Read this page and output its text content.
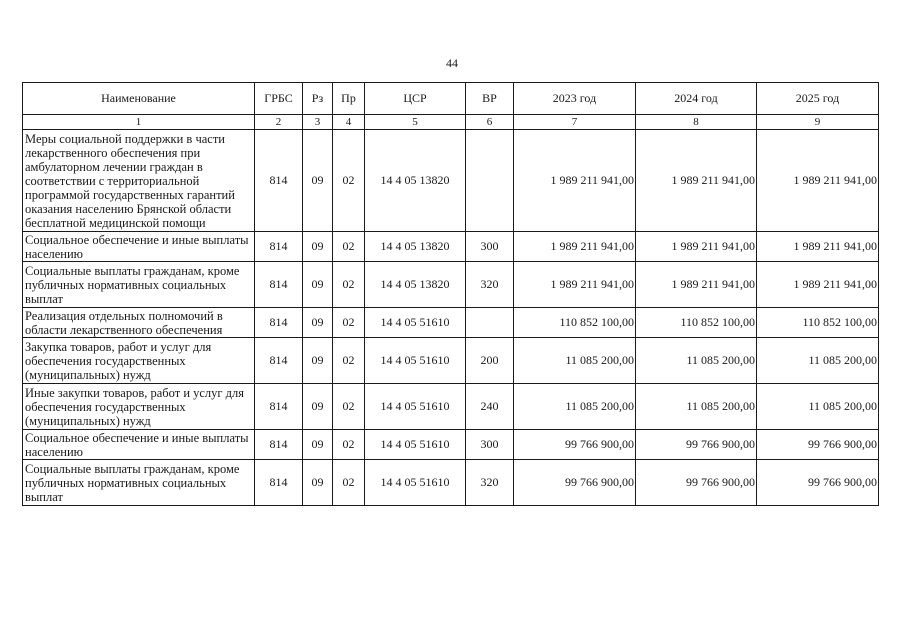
44
Наименование	ГРБС	Рз	Пр	ЦСР	ВР	2023 год	2024 год	2025 год
1	2	3	4	5	6	7	8	9
Меры социальной поддержки в части лекарственного обеспечения при амбулаторном лечении граждан в соответствии с территориальной программой государственных гарантий оказания населению Брянской области бесплатной медицинской помощи	814	09	02	14 4 05 13820		1 989 211 941,00	1 989 211 941,00	1 989 211 941,00
Социальное обеспечение и иные выплаты населению	814	09	02	14 4 05 13820	300	1 989 211 941,00	1 989 211 941,00	1 989 211 941,00
Социальные выплаты гражданам, кроме публичных нормативных социальных выплат	814	09	02	14 4 05 13820	320	1 989 211 941,00	1 989 211 941,00	1 989 211 941,00
Реализация отдельных полномочий в области лекарственного обеспечения	814	09	02	14 4 05 51610		110 852 100,00	110 852 100,00	110 852 100,00
Закупка товаров, работ и услуг для обеспечения государственных (муниципальных) нужд	814	09	02	14 4 05 51610	200	11 085 200,00	11 085 200,00	11 085 200,00
Иные закупки товаров, работ и услуг для обеспечения государственных (муниципальных) нужд	814	09	02	14 4 05 51610	240	11 085 200,00	11 085 200,00	11 085 200,00
Социальное обеспечение и иные выплаты населению	814	09	02	14 4 05 51610	300	99 766 900,00	99 766 900,00	99 766 900,00
Социальные выплаты гражданам, кроме публичных нормативных социальных выплат	814	09	02	14 4 05 51610	320	99 766 900,00	99 766 900,00	99 766 900,00
